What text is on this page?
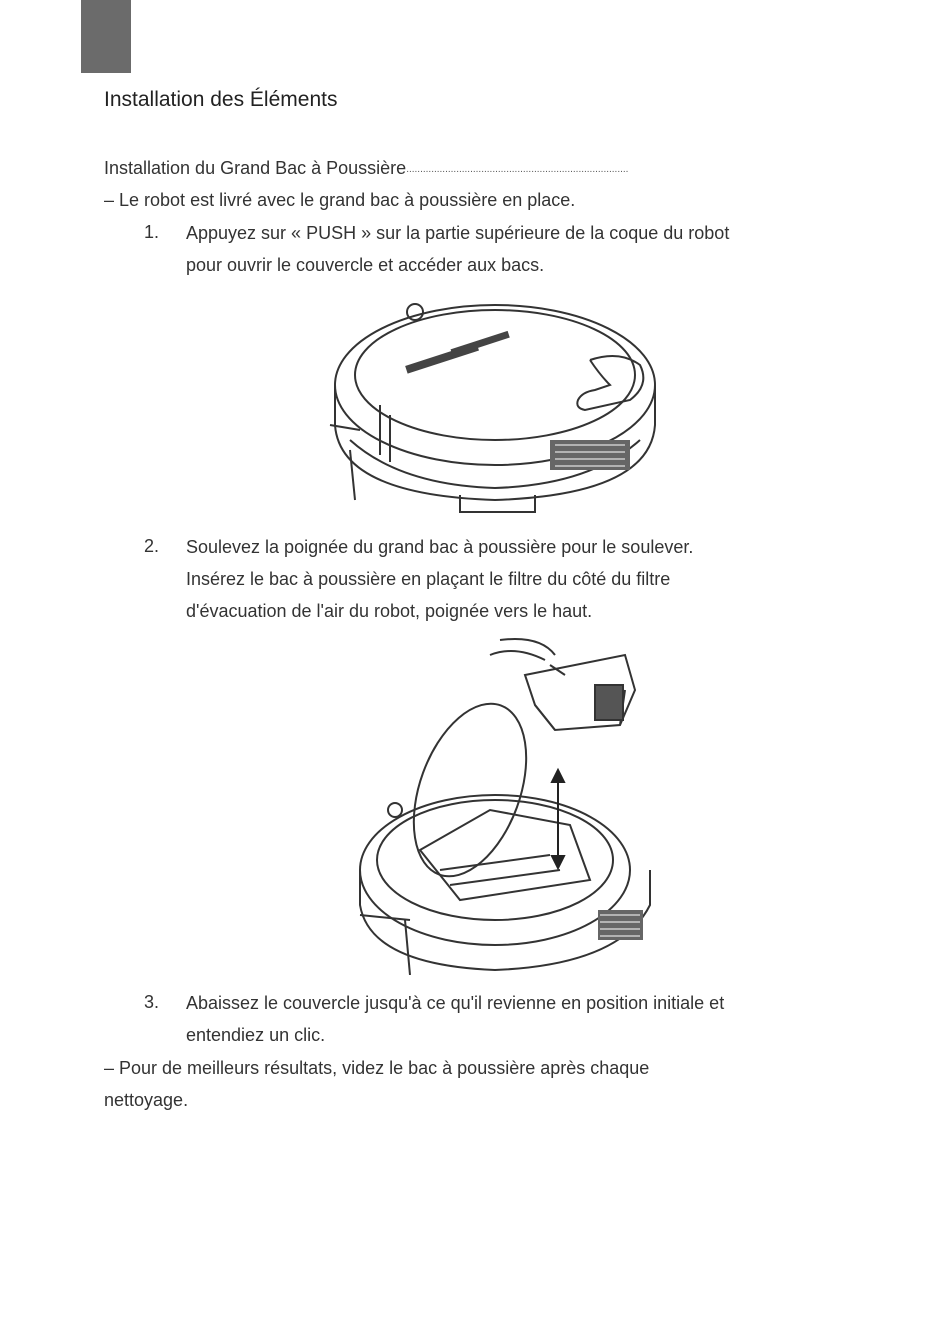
Installation des Éléments
Installation du Grand Bac à Poussière................................................................................
– Le robot est livré avec le grand bac à poussière en place.
1. Appuyez sur « PUSH » sur la partie supérieure de la coque du robot
pour ouvrir le couvercle et accéder aux bacs.
2. Soulevez la poignée du grand bac à poussière pour le soulever.
Insérez le bac à poussière en plaçant le filtre du côté du filtre
d'évacuation de l'air du robot, poignée vers le haut.
3. Abaissez le couvercle jusqu'à ce qu'il revienne en position initiale et
entendiez un clic.
– Pour de meilleurs résultats, videz le bac à poussière après chaque
nettoyage.
